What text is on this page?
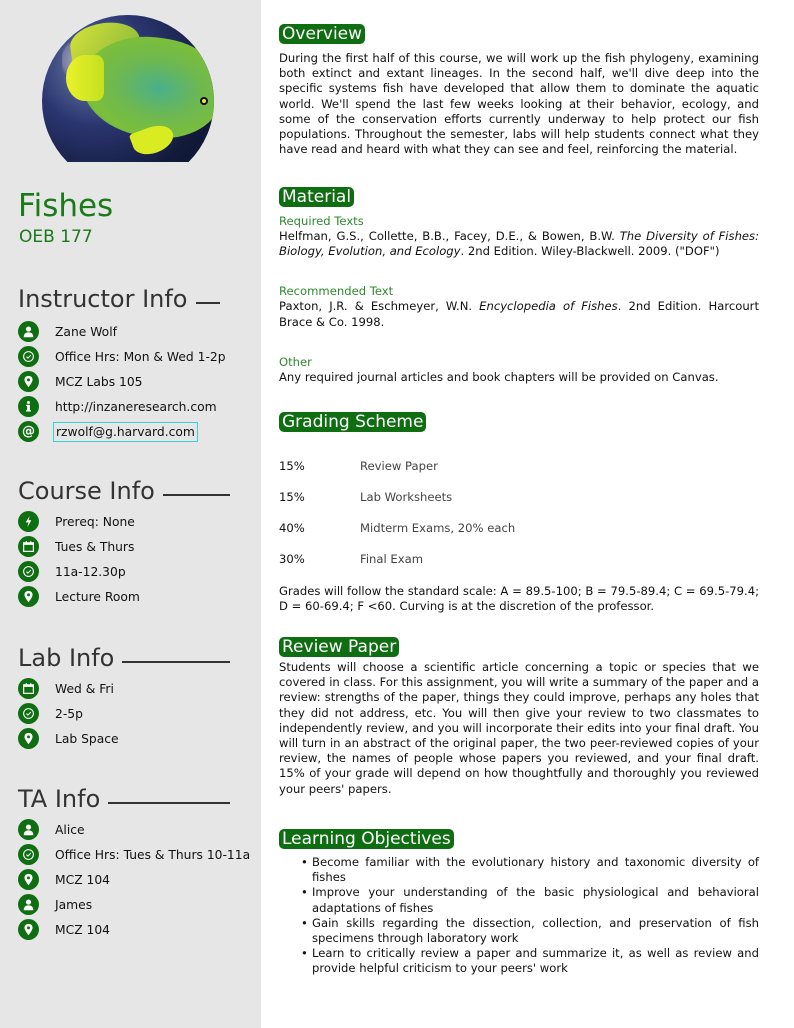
Fishes
OEB 177
Instructor Info
Zane Wolf
Office Hrs: Mon & Wed 1-2p
MCZ Labs 105
http://inzaneresearch.com
@	rzwolf@g.harvard.com
Course Info
Prereq: None
Tues & Thurs
11a-12.30p
Lecture Room
Lab Info
Wed & Fri
2-5p
Lab Space
TA Info
Alice
Office Hrs: Tues & Thurs 10-11a
MCZ 104
James
MCZ 104
Overview

During the first half of this course, we will work up the fish phylogeny, examining both extinct and extant lineages. In the second half, we'll dive deep into the specific systems fish have developed that allow them to dominate the aquatic world. We'll spend the last few weeks looking at their behavior, ecology, and some of the conservation efforts currently underway to help protect our fish populations. Throughout the semester, labs will help students connect what they have read and heard with what they can see and feel, reinforcing the material.

Material
Required Texts

Helfman, G.S., Collette, B.B., Facey, D.E., & Bowen, B.W. The Diversity of Fishes: Biology, Evolution, and Ecology. 2nd Edition. Wiley-Blackwell. 2009. ("DOF")

Recommended Text

Paxton, J.R. & Eschmeyer, W.N. Encyclopedia of Fishes. 2nd Edition. Harcourt Brace & Co. 1998.

Other

Any required journal articles and book chapters will be provided on Canvas.

Grading Scheme
15%	Review Paper
15%	Lab Worksheets
40%	Midterm Exams, 20% each
30%	Final Exam

Grades will follow the standard scale: A = 89.5-100; B = 79.5-89.4; C = 69.5-79.4; D = 60-69.4; F <60. Curving is at the discretion of the professor.

Review Paper

Students will choose a scientific article concerning a topic or species that we covered in class. For this assignment, you will write a summary of the paper and a review: strengths of the paper, things they could improve, perhaps any holes that they did not address, etc. You will then give your review to two classmates to independently review, and you will incorporate their edits into your final draft. You will turn in an abstract of the original paper, the two peer-reviewed copies of your review, the names of people whose papers you reviewed, and your final draft. 15% of your grade will depend on how thoughtfully and thoroughly you reviewed your peers' papers.

Learning Objectives
• Become familiar with the evolutionary history and taxonomic diversity of fishes
• Improve your understanding of the basic physiological and behavioral adaptations of fishes
• Gain skills regarding the dissection, collection, and preservation of fish specimens through laboratory work
• Learn to critically review a paper and summarize it, as well as review and provide helpful criticism to your peers' work
